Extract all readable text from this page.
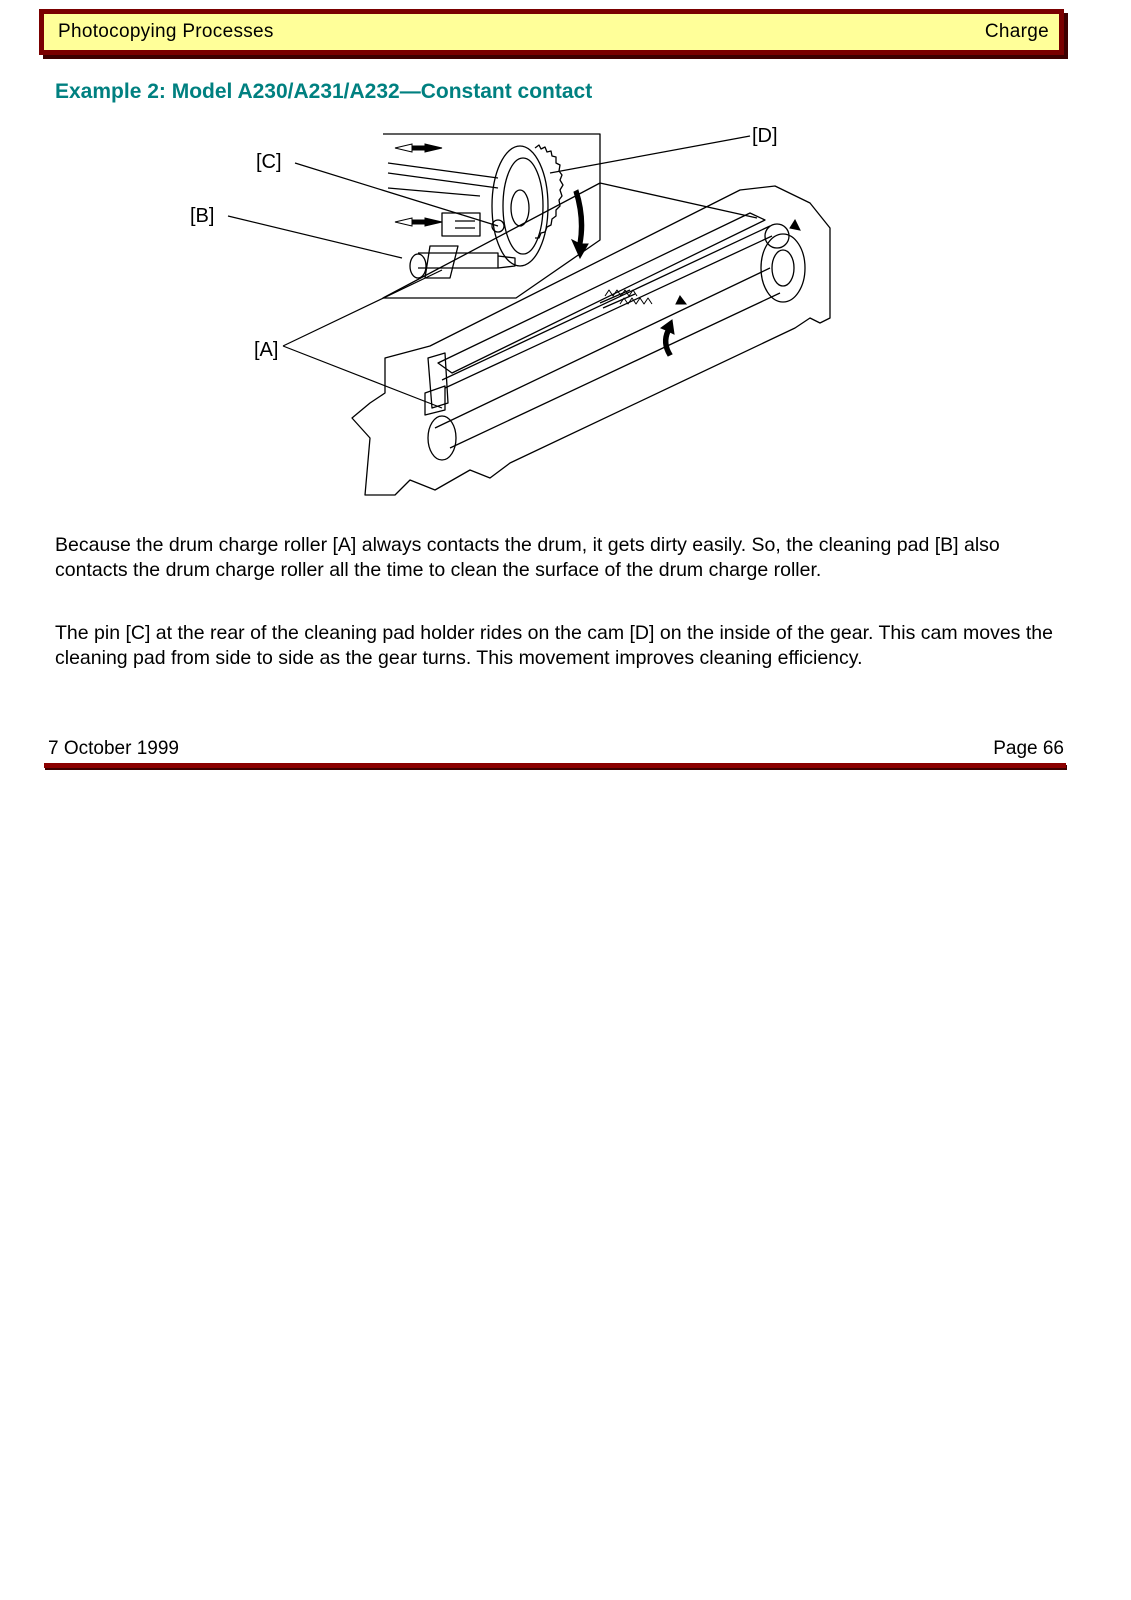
Photocopying Processes	Charge
Example 2: Model A230/A231/A232—Constant contact
[C]
[B]
[A]
[D]

Because the drum charge roller [A] always contacts the drum, it gets dirty easily. So, the cleaning pad [B] also contacts the drum charge roller all the time to clean the surface of the drum charge roller.

The pin [C] at the rear of the cleaning pad holder rides on the cam [D] on the inside of the gear. This cam moves the cleaning pad from side to side as the gear turns. This movement improves cleaning efficiency.

7 October 1999	Page 66
